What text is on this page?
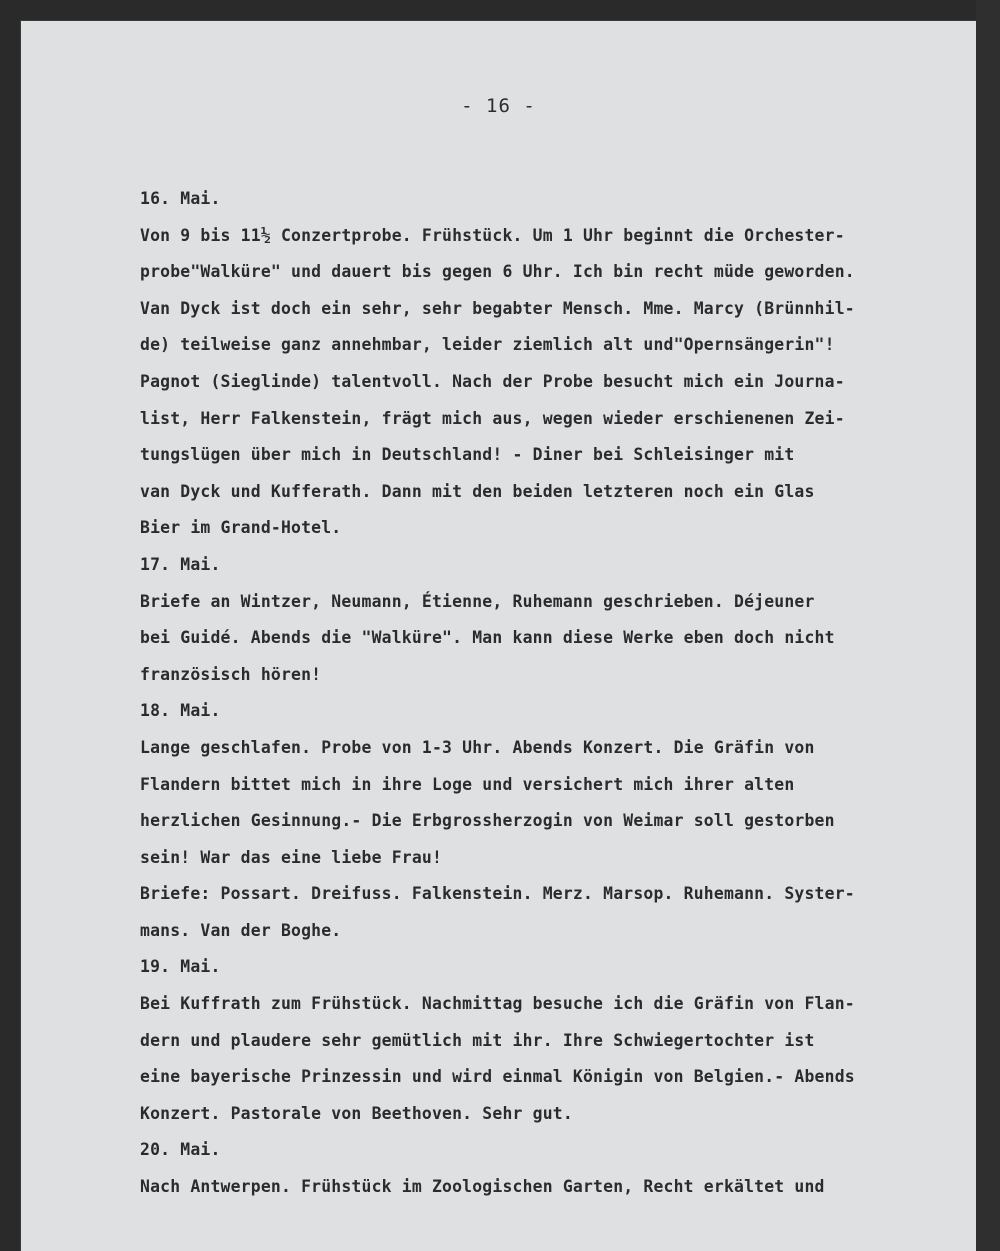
- 16 -
16. Mai.
Von 9 bis 11½ Conzertprobe. Frühstück. Um 1 Uhr beginnt die Orchester-
probe"Walküre" und dauert bis gegen 6 Uhr. Ich bin recht müde geworden.
Van Dyck ist doch ein sehr, sehr begabter Mensch. Mme. Marcy (Brünnhil-
de) teilweise ganz annehmbar, leider ziemlich alt und"Opernsängerin"!
Pagnot (Sieglinde) talentvoll. Nach der Probe besucht mich ein Journa-
list, Herr Falkenstein, frägt mich aus, wegen wieder erschienenen Zei-
tungslügen über mich in Deutschland! - Diner bei Schleisinger mit
van Dyck und Kufferath. Dann mit den beiden letzteren noch ein Glas
Bier im Grand-Hotel.
17. Mai.
Briefe an Wintzer, Neumann, Étienne, Ruhemann geschrieben. Déjeuner
bei Guidé. Abends die "Walküre". Man kann diese Werke eben doch nicht
französisch hören!
18. Mai.
Lange geschlafen. Probe von 1-3 Uhr. Abends Konzert. Die Gräfin von
Flandern bittet mich in ihre Loge und versichert mich ihrer alten
herzlichen Gesinnung.- Die Erbgrossherzogin von Weimar soll gestorben
sein! War das eine liebe Frau!
Briefe: Possart. Dreifuss. Falkenstein. Merz. Marsop. Ruhemann. Syster-
mans. Van der Boghe.
19. Mai.
Bei Kuffrath zum Frühstück. Nachmittag besuche ich die Gräfin von Flan-
dern und plaudere sehr gemütlich mit ihr. Ihre Schwiegertochter ist
eine bayerische Prinzessin und wird einmal Königin von Belgien.- Abends
Konzert. Pastorale von Beethoven. Sehr gut.
20. Mai.
Nach Antwerpen. Frühstück im Zoologischen Garten, Recht erkältet und
